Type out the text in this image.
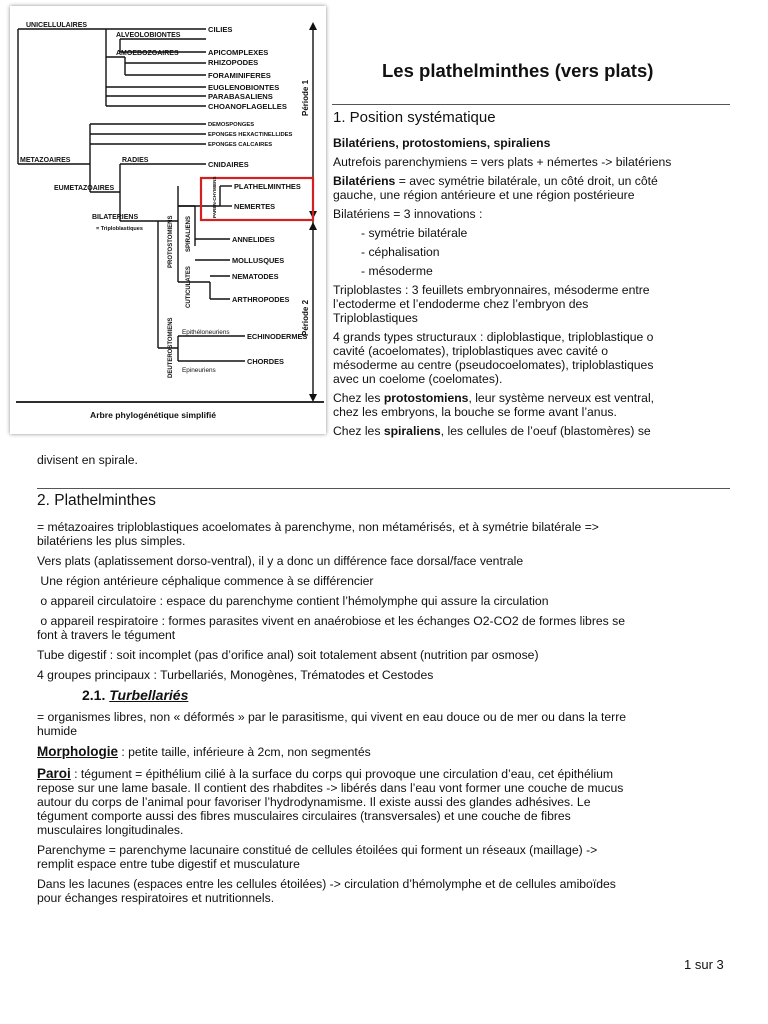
CILIES
APICOMPLEXES
RHIZOPODES
FORAMINIFERES
EUGLENOBIONTES
PARABASALIENS
CHOANOFLAGELLES
DEMOSPONGES
EPONGES HEXACTINELLIDES
EPONGES CALCAIRES
CNIDAIRES
PLATHELMINTHES
NEMERTES
ANNELIDES
MOLLUSQUES
NEMATODES
ARTHROPODES
ECHINODERMES
CHORDES
UNICELLULAIRES
ALVEOLOBIONTES
AMOEBOZOAIRES
METAZOAIRES	RADIES
EUMETAZOAIRES
BILATERIENS
= Triploblastiques	PROTOSTOMIENS SPIRALIENS
CUTICULATES
PAREN-CHYMIENS
DEUTEROSTOMIENS Epithéloneuriens
Epineuriens
Période 1
Période 2
Arbre phylogénétique simplifié
Les plathelminthes (vers plats)
1. Position systématique

Bilatériens, protostomiens, spiraliens

Autrefois parenchymiens = vers plats + némertes -> bilatériens

Bilatériens = avec symétrie bilatérale, un côté droit, un côté

gauche, une région antérieure et une région postérieure

Bilatériens = 3 innovations :

- symétrie bilatérale

- céphalisation

- mésoderme

Triploblastes : 3 feuillets embryonnaires, mésoderme entre

l’ectoderme et l’endoderme chez l’embryon des

Triploblastiques

4 grands types structuraux : diploblastique, triploblastique o

cavité (acoelomates), triploblastiques avec cavité o

mésoderme au centre (pseudocoelomates), triploblastiques

avec un coelome (coelomates).

Chez les protostomiens, leur système nerveux est ventral,

chez les embryons, la bouche se forme avant l’anus.

Chez les spiraliens, les cellules de l’oeuf (blastomères) se

divisent en spirale.

2. Plathelminthes

= métazoaires triploblastiques acoelomates à parenchyme, non métamérisés, et à symétrie bilatérale =>

bilatériens les plus simples.

Vers plats (aplatissement dorso-ventral), il y a donc un différence face dorsal/face ventrale

Une région antérieure céphalique commence à se différencier

o appareil circulatoire : espace du parenchyme contient l’hémolymphe qui assure la circulation

o appareil respiratoire : formes parasites vivent en anaérobiose et les échanges O2-CO2 de formes libres se

font à travers le tégument

Tube digestif : soit incomplet (pas d’orifice anal) soit totalement absent (nutrition par osmose)

4 groupes principaux : Turbellariés, Monogènes, Trématodes et Cestodes

2.1. Turbellariés

= organismes libres, non « déformés » par le parasitisme, qui vivent en eau douce ou de mer ou dans la terre

humide

Morphologie : petite taille, inférieure à 2cm, non segmentés

Paroi : tégument = épithélium cilié à la surface du corps qui provoque une circulation d’eau, cet épithélium

repose sur une lame basale. Il contient des rhabdites -> libérés dans l’eau vont former une couche de mucus

autour du corps de l’animal pour favoriser l’hydrodynamisme. Il existe aussi des glandes adhésives. Le

tégument comporte aussi des fibres musculaires circulaires (transversales) et une couche de fibres

musculaires longitudinales.

Parenchyme = parenchyme lacunaire constitué de cellules étoilées qui forment un réseaux (maillage) ->

remplit espace entre tube digestif et musculature

Dans les lacunes (espaces entre les cellules étoilées) -> circulation d’hémolymphe et de cellules amiboïdes

pour échanges respiratoires et nutritionnels.

1 sur 3
